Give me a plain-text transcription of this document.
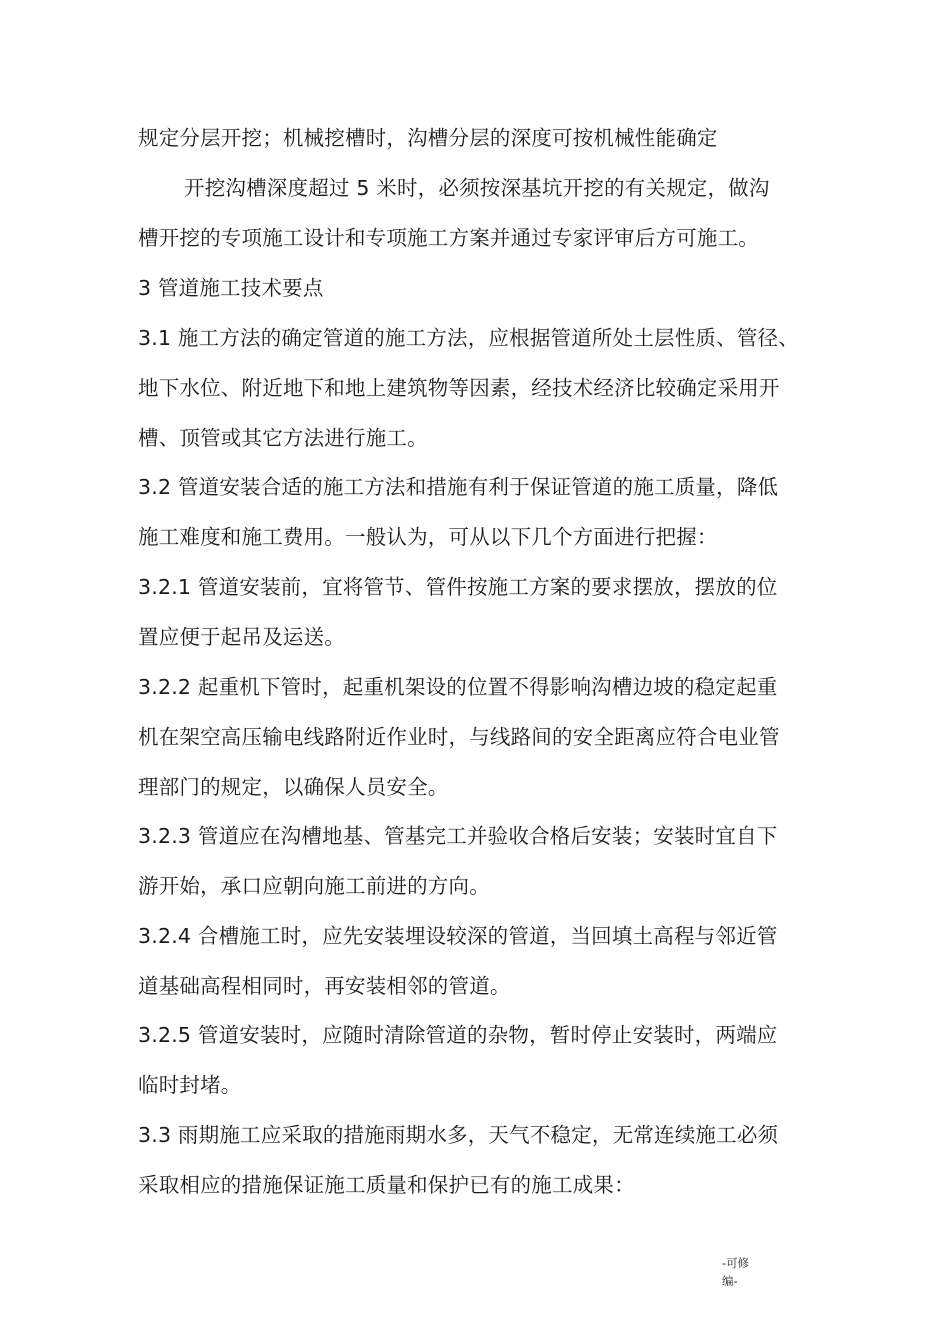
规定分层开挖；机械挖槽时，沟槽分层的深度可按机械性能确定
开挖沟槽深度超过 5 米时，必须按深基坑开挖的有关规定，做沟
槽开挖的专项施工设计和专项施工方案并通过专家评审后方可施工。
3 管道施工技术要点
3.1 施工方法的确定管道的施工方法，应根据管道所处土层性质、管径、
地下水位、附近地下和地上建筑物等因素，经技术经济比较确定采用开
槽、顶管或其它方法进行施工。
3.2 管道安装合适的施工方法和措施有利于保证管道的施工质量，降低
施工难度和施工费用。一般认为，可从以下几个方面进行把握：
3.2.1 管道安装前，宜将管节、管件按施工方案的要求摆放，摆放的位
置应便于起吊及运送。
3.2.2 起重机下管时，起重机架设的位置不得影响沟槽边坡的稳定起重
机在架空高压输电线路附近作业时，与线路间的安全距离应符合电业管
理部门的规定，以确保人员安全。
3.2.3 管道应在沟槽地基、管基完工并验收合格后安装；安装时宜自下
游开始，承口应朝向施工前进的方向。
3.2.4 合槽施工时，应先安装埋设较深的管道，当回填土高程与邻近管
道基础高程相同时，再安装相邻的管道。
3.2.5 管道安装时，应随时清除管道的杂物，暂时停止安装时，两端应
临时封堵。
3.3 雨期施工应采取的措施雨期水多，天气不稳定，无常连续施工必须
采取相应的措施保证施工质量和保护已有的施工成果：
-可修
编-
